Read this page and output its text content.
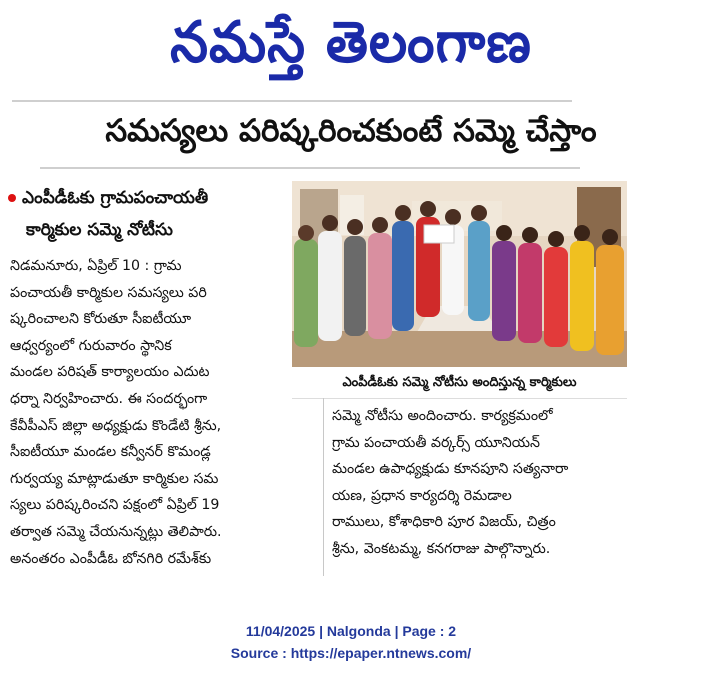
నమస్తే తెలంగాణ
సమస్యలు పరిష్కరించకుంటే సమ్మె చేస్తాం
ఎంపీడీఓకు గ్రామపంచాయతీ
కార్మికుల సమ్మె నోటీసు
నిడమనూరు, ఏప్రిల్ 10 : గ్రామ
పంచాయతీ కార్మికుల సమస్యలు పరి
ష్కరించాలని కోరుతూ సీఐటీయూ
ఆధ్వర్యంలో గురువారం స్థానిక
మండల పరిషత్ కార్యాలయం ఎదుట
ధర్నా నిర్వహించారు. ఈ సందర్భంగా
కేవీపీఎస్ జిల్లా అధ్యక్షుడు కొండేటి శ్రీను,
సీఐటీయూ మండల కన్వీనర్ కొమండ్ల
గుర్వయ్య మాట్లాడుతూ కార్మికుల సమ
స్యలు పరిష్కరించని పక్షంలో ఏప్రిల్ 19
తర్వాత సమ్మె చేయనున్నట్లు తెలిపారు.
అనంతరం ఎంపీడీఓ బోనగిరి రమేశ్‌కు
ఎంపీడీఓకు సమ్మె నోటీసు అందిస్తున్న కార్మికులు
సమ్మె నోటీసు అందించారు. కార్యక్రమంలో
గ్రామ పంచాయతీ వర్కర్స్ యూనియన్
మండల ఉపాధ్యక్షుడు కూనపూని సత్యనారా
యణ, ప్రధాన కార్యదర్శి రెమడాల
రాములు, కోశాధికారి పూర విజయ్, చిత్రం
శ్రీను, వెంకటమ్మ, కనగరాజు పాల్గొన్నారు.
11/04/2025 | Nalgonda | Page : 2
Source : https://epaper.ntnews.com/
